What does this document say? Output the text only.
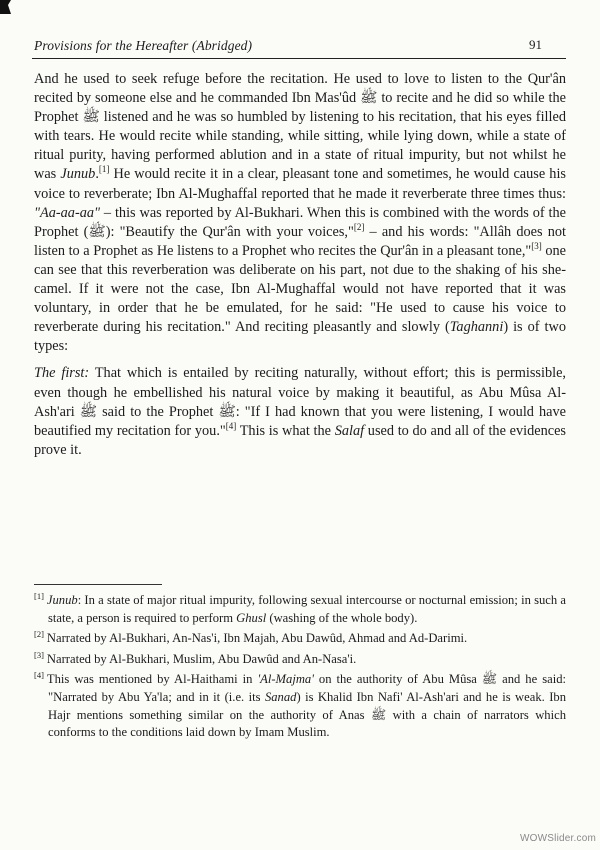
Provisions for the Hereafter (Abridged)	91

And he used to seek refuge before the recitation. He used to love to listen to the Qur'ân recited by someone else and he commanded Ibn Mas'ûd ﷺ to recite and he did so while the Prophet ﷺ listened and he was so humbled by listening to his recitation, that his eyes filled with tears. He would recite while standing, while sitting, while lying down, while a state of ritual purity, having performed ablution and in a state of ritual impurity, but not whilst he was Junub.[1] He would recite it in a clear, pleasant tone and sometimes, he would cause his voice to reverberate; Ibn Al-Mughaffal reported that he made it reverberate three times thus: "Aa-aa-aa" – this was reported by Al-Bukhari. When this is combined with the words of the Prophet (ﷺ): "Beautify the Qur'ân with your voices,"[2] – and his words: "Allâh does not listen to a Prophet as He listens to a Prophet who recites the Qur'ân in a pleasant tone,"[3] one can see that this reverberation was deliberate on his part, not due to the shaking of his she-camel. If it were not the case, Ibn Al-Mughaffal would not have reported that it was voluntary, in order that he be emulated, for he said: "He used to cause his voice to reverberate during his recitation." And reciting pleasantly and slowly (Taghanni) is of two types:

The first: That which is entailed by reciting naturally, without effort; this is permissible, even though he embellished his natural voice by making it beautiful, as Abu Mûsa Al-Ash'ari ﷺ said to the Prophet ﷺ: "If I had known that you were listening, I would have beautified my recitation for you."[4] This is what the Salaf used to do and all of the evidences prove it.

[1] Junub: In a state of major ritual impurity, following sexual intercourse or nocturnal emission; in such a state, a person is required to perform Ghusl (washing of the whole body).

[2] Narrated by Al-Bukhari, An-Nas'i, Ibn Majah, Abu Dawûd, Ahmad and Ad-Darimi.

[3] Narrated by Al-Bukhari, Muslim, Abu Dawûd and An-Nasa'i.

[4] This was mentioned by Al-Haithami in 'Al-Majma' on the authority of Abu Mûsa ﷺ and he said: "Narrated by Abu Ya'la; and in it (i.e. its Sanad) is Khalid Ibn Nafi' Al-Ash'ari and he is weak. Ibn Hajr mentions something similar on the authority of Anas ﷺ with a chain of narrators which conforms to the conditions laid down by Imam Muslim.

WOWSlider.com
